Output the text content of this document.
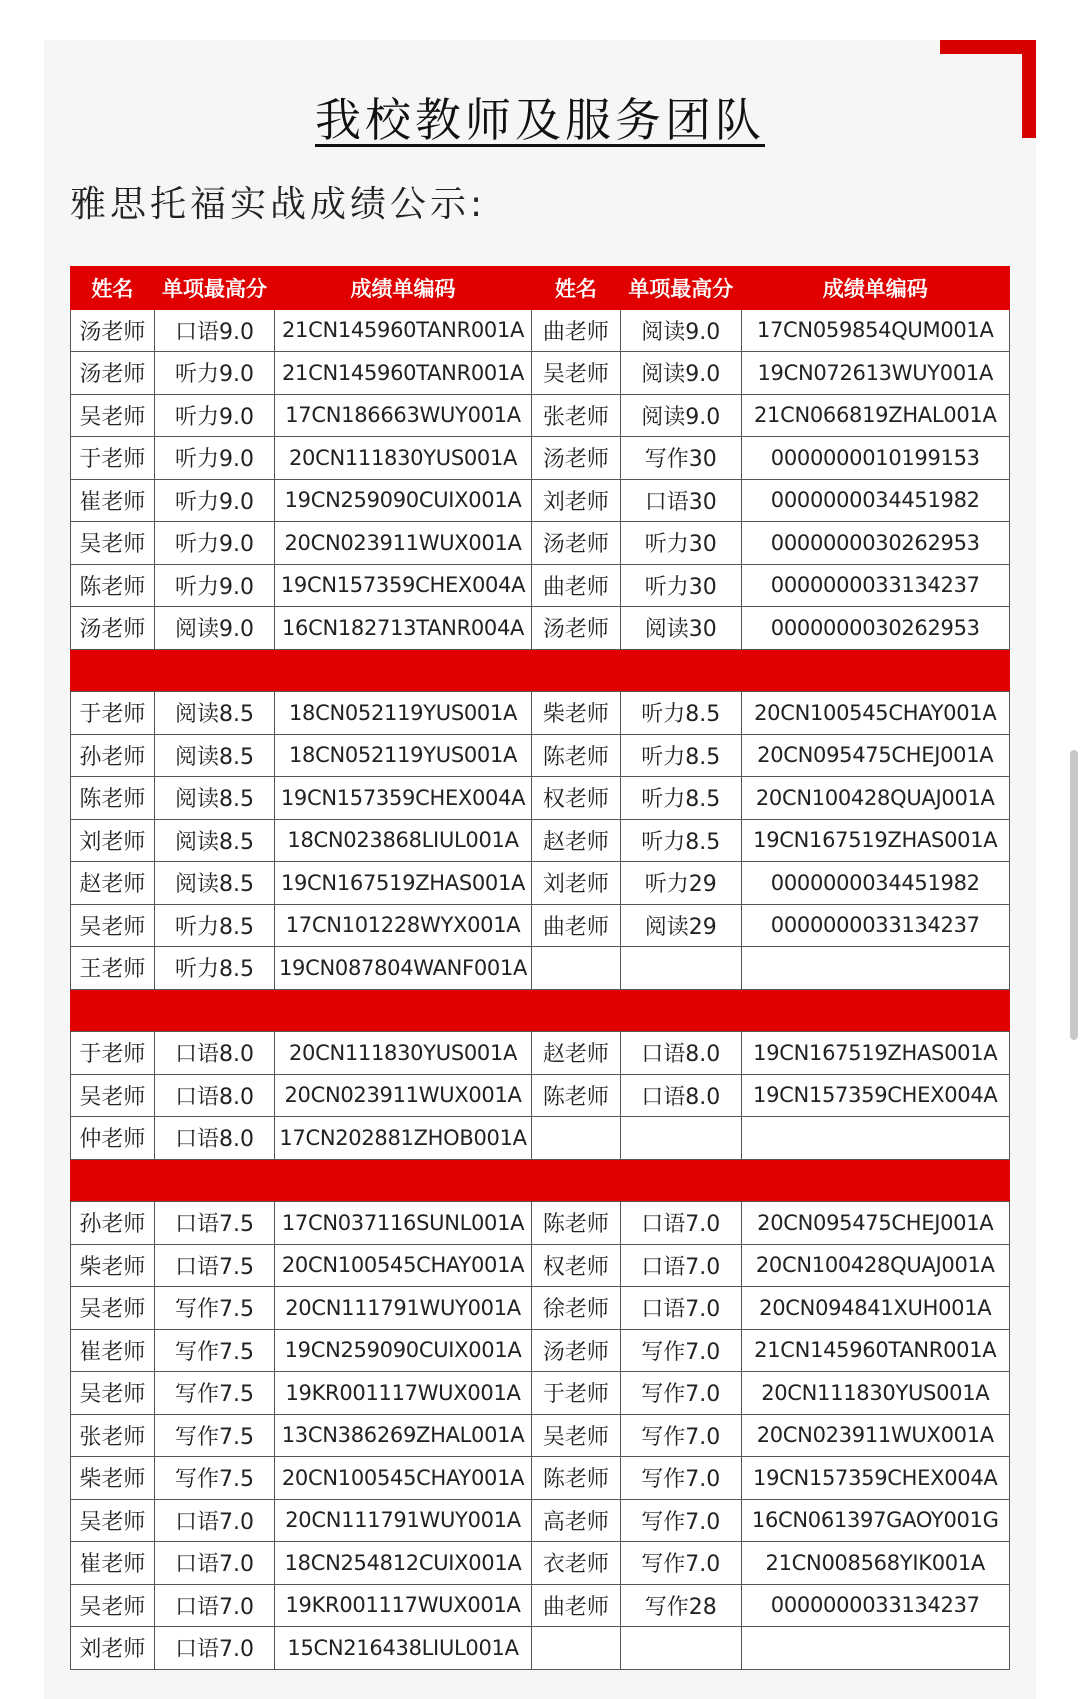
我校教师及服务团队
雅思托福实战成绩公示:
姓名	单项最高分	成绩单编码	姓名	单项最高分	成绩单编码
汤老师	口语9.0	21CN145960TANR001A	曲老师	阅读9.0	17CN059854QUM001A
汤老师	听力9.0	21CN145960TANR001A	吴老师	阅读9.0	19CN072613WUY001A
吴老师	听力9.0	17CN186663WUY001A	张老师	阅读9.0	21CN066819ZHAL001A
于老师	听力9.0	20CN111830YUS001A	汤老师	写作30	0000000010199153
崔老师	听力9.0	19CN259090CUIX001A	刘老师	口语30	0000000034451982
吴老师	听力9.0	20CN023911WUX001A	汤老师	听力30	0000000030262953
陈老师	听力9.0	19CN157359CHEX004A	曲老师	听力30	0000000033134237
汤老师	阅读9.0	16CN182713TANR004A	汤老师	阅读30	0000000030262953

于老师	阅读8.5	18CN052119YUS001A	柴老师	听力8.5	20CN100545CHAY001A
孙老师	阅读8.5	18CN052119YUS001A	陈老师	听力8.5	20CN095475CHEJ001A
陈老师	阅读8.5	19CN157359CHEX004A	权老师	听力8.5	20CN100428QUAJ001A
刘老师	阅读8.5	18CN023868LIUL001A	赵老师	听力8.5	19CN167519ZHAS001A
赵老师	阅读8.5	19CN167519ZHAS001A	刘老师	听力29	0000000034451982
吴老师	听力8.5	17CN101228WYX001A	曲老师	阅读29	0000000033134237
王老师	听力8.5	19CN087804WANF001A			

于老师	口语8.0	20CN111830YUS001A	赵老师	口语8.0	19CN167519ZHAS001A
吴老师	口语8.0	20CN023911WUX001A	陈老师	口语8.0	19CN157359CHEX004A
仲老师	口语8.0	17CN202881ZHOB001A			

孙老师	口语7.5	17CN037116SUNL001A	陈老师	口语7.0	20CN095475CHEJ001A
柴老师	口语7.5	20CN100545CHAY001A	权老师	口语7.0	20CN100428QUAJ001A
吴老师	写作7.5	20CN111791WUY001A	徐老师	口语7.0	20CN094841XUH001A
崔老师	写作7.5	19CN259090CUIX001A	汤老师	写作7.0	21CN145960TANR001A
吴老师	写作7.5	19KR001117WUX001A	于老师	写作7.0	20CN111830YUS001A
张老师	写作7.5	13CN386269ZHAL001A	吴老师	写作7.0	20CN023911WUX001A
柴老师	写作7.5	20CN100545CHAY001A	陈老师	写作7.0	19CN157359CHEX004A
吴老师	口语7.0	20CN111791WUY001A	高老师	写作7.0	16CN061397GAOY001G
崔老师	口语7.0	18CN254812CUIX001A	衣老师	写作7.0	21CN008568YIK001A
吴老师	口语7.0	19KR001117WUX001A	曲老师	写作28	0000000033134237
刘老师	口语7.0	15CN216438LIUL001A			
